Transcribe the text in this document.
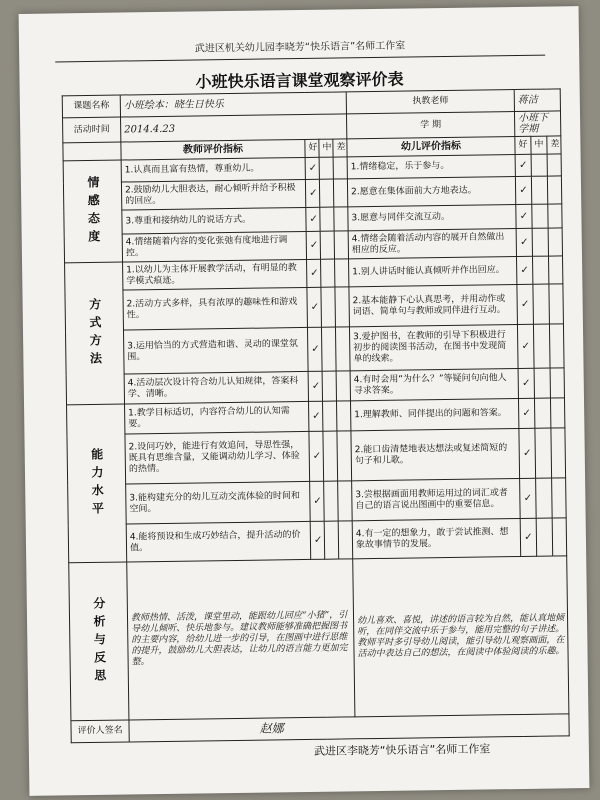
武进区机关幼儿园李晓芳“快乐语言”名师工作室
小班快乐语言课堂观察评价表
课题名称	小班绘本：晓生日快乐				执教老师	蒋洁		
活动时间	2014.4.23				学 期	小班下学期		
	教师评价指标	好	中	差	幼儿评价指标	好	中	差
情感态度	1.认真而且富有热情，尊重幼儿。	✓			1.情绪稳定，乐于参与。	✓		
	2.鼓励幼儿大胆表达，耐心倾听并给予积极的回应。	✓			2.愿意在集体面前大方地表达。	✓		
	3.尊重和接纳幼儿的说话方式。	✓			3.愿意与同伴交流互动。	✓		
	4.情绪随着内容的变化张弛有度地进行调控。	✓			4.情绪会随着活动内容的展开自然做出相应的反应。	✓		
方式方法	1.以幼儿为主体开展教学活动，有明显的教学模式痕迹。	✓			1.别人讲话时能认真倾听并作出回应。	✓		
	2.活动方式多样，具有浓厚的趣味性和游戏性。	✓			2.基本能静下心认真思考，并用动作或词语、简单句与教师或同伴进行互动。	✓		
	3.运用恰当的方式营造和谐、灵动的课堂氛围。	✓			3.爱护图书，在教师的引导下积极进行初步的阅读图书活动，在图书中发现简单的线索。	✓		
	4.活动层次设计符合幼儿认知规律，答案科学、清晰。	✓			4.有时会用“为什么？”等疑问句向他人寻求答案。	✓		
能力水平	1.教学目标适切，内容符合幼儿的认知需要。	✓			1.理解教师、同伴提出的问题和答案。	✓		
	2.设问巧妙，能进行有效追问，导思性强，既具有思维含量，又能调动幼儿学习、体验的热情。	✓			2.能口齿清楚地表达想法或复述简短的句子和儿歌。	✓		
	3.能构建充分的幼儿互动交流体验的时间和空间。	✓			3.尝根据画面用教师运用过的词汇或者自己的语言说出图画中的重要信息。	✓		
	4.能将预设和生成巧妙结合，提升活动的价值。	✓			4.有一定的想象力，敢于尝试推测、想象故事情节的发展。	✓		
分析与反思	教师热情、活泼，课堂里动，能跟幼儿回应“小猪”，引导幼儿倾听、快乐地参与。建议教师能够准确把握图书的主要内容，给幼儿进一步的引导，在图画中进行思维的提升，鼓励幼儿大胆表达，让幼儿的语言能力更加完整。				幼儿喜欢、喜悦，讲述的语言较为自然，能认真地倾听，在同伴交流中乐于参与，能用完整的句子讲述。教师平时多引导幼儿阅读，能引导幼儿观察画面，在活动中表达自己的想法，在阅读中体验阅读的乐趣。			
评价人签名	赵娜							
武进区李晓芳“快乐语言”名师工作室
